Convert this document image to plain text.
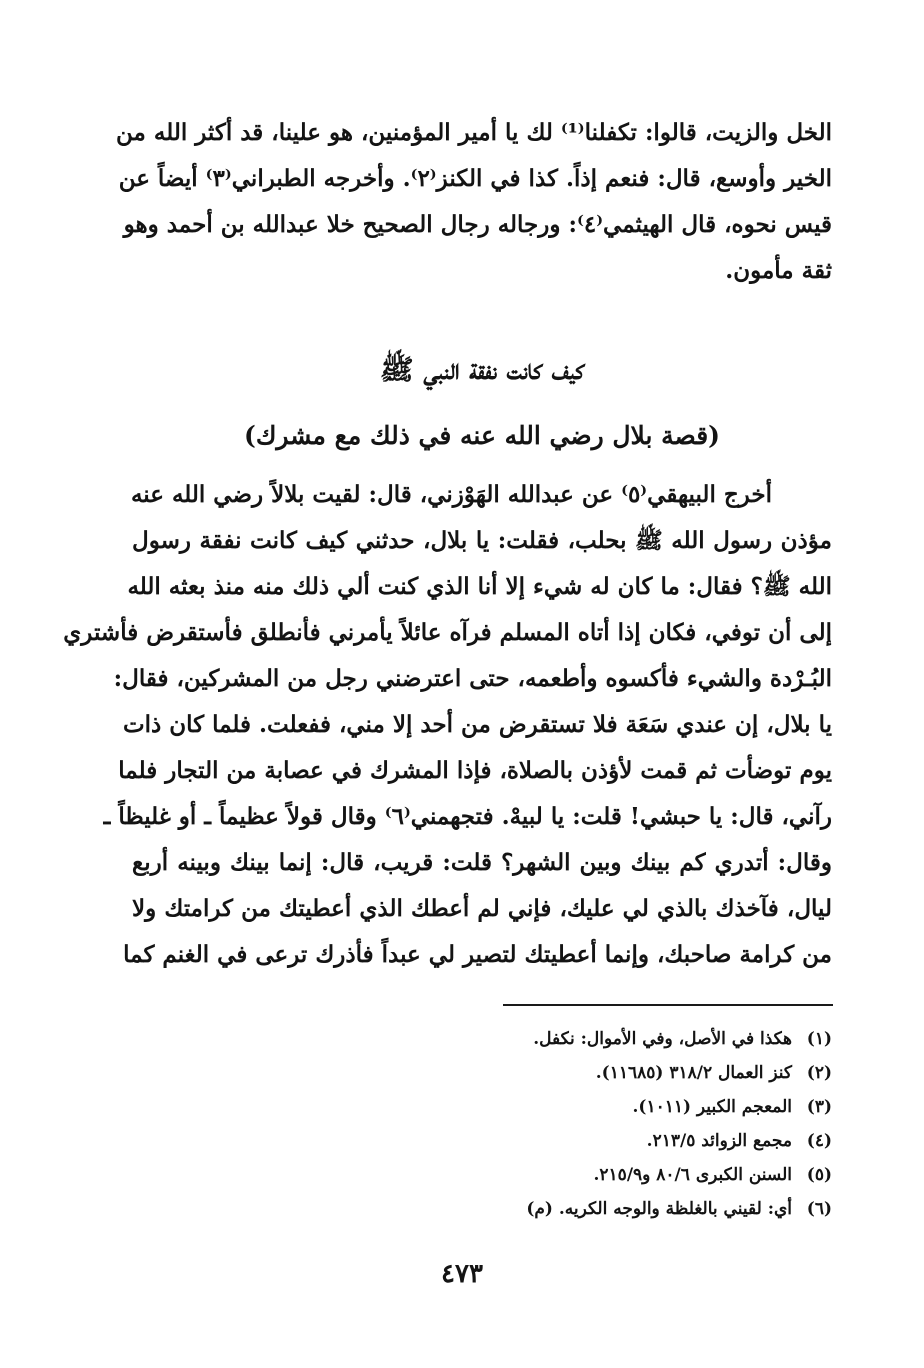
الخل والزيت، قالوا: تكفلنا⁽¹⁾ لك يا أمير المؤمنين، هو علينا، قد أكثر الله من
الخير وأوسع، قال: فنعم إذاً. كذا في الكنز⁽٢⁾. وأخرجه الطبراني⁽٣⁾ أيضاً عن
قيس نحوه، قال الهيثمي⁽٤⁾: ورجاله رجال الصحيح خلا عبدالله بن أحمد وهو
ثقة مأمون.
كيف كانت نفقة النبي ﷺ
(قصة بلال رضي الله عنه في ذلك مع مشرك)
أخرج البيهقي⁽٥⁾ عن عبدالله الهَوْزني، قال: لقيت بلالاً رضي الله عنه
مؤذن رسول الله ﷺ بحلب، فقلت: يا بلال، حدثني كيف كانت نفقة رسول
الله ﷺ؟ فقال: ما كان له شيء إلا أنا الذي كنت ألي ذلك منه منذ بعثه الله
إلى أن توفي، فكان إذا أتاه المسلم فرآه عائلاً يأمرني فأنطلق فأستقرض فأشتري
البُـرْدة والشيء فأكسوه وأطعمه، حتى اعترضني رجل من المشركين، فقال:
يا بلال، إن عندي سَعَة فلا تستقرض من أحد إلا مني، ففعلت. فلما كان ذات
يوم توضأت ثم قمت لأؤذن بالصلاة، فإذا المشرك في عصابة من التجار فلما
رآني، قال: يا حبشي! قلت: يا لبيهْ. فتجهمني⁽٦⁾ وقال قولاً عظيماً ـ أو غليظاً ـ
وقال: أتدري كم بينك وبين الشهر؟ قلت: قريب، قال: إنما بينك وبينه أربع
ليال، فآخذك بالذي لي عليك، فإني لم أعطك الذي أعطيتك من كرامتك ولا
من كرامة صاحبك، وإنما أعطيتك لتصير لي عبداً فأذرك ترعى في الغنم كما
(١)هكذا في الأصل، وفي الأموال: نكفل.
(٢)كنز العمال ٣١٨/٢ (١١٦٨٥).
(٣)المعجم الكبير (١٠١١).
(٤)مجمع الزوائد ٢١٣/٥.
(٥)السنن الكبرى ٨٠/٦ و٢١٥/٩.
(٦)أي: لقيني بالغلظة والوجه الكريه. (م)
٤٧٣
